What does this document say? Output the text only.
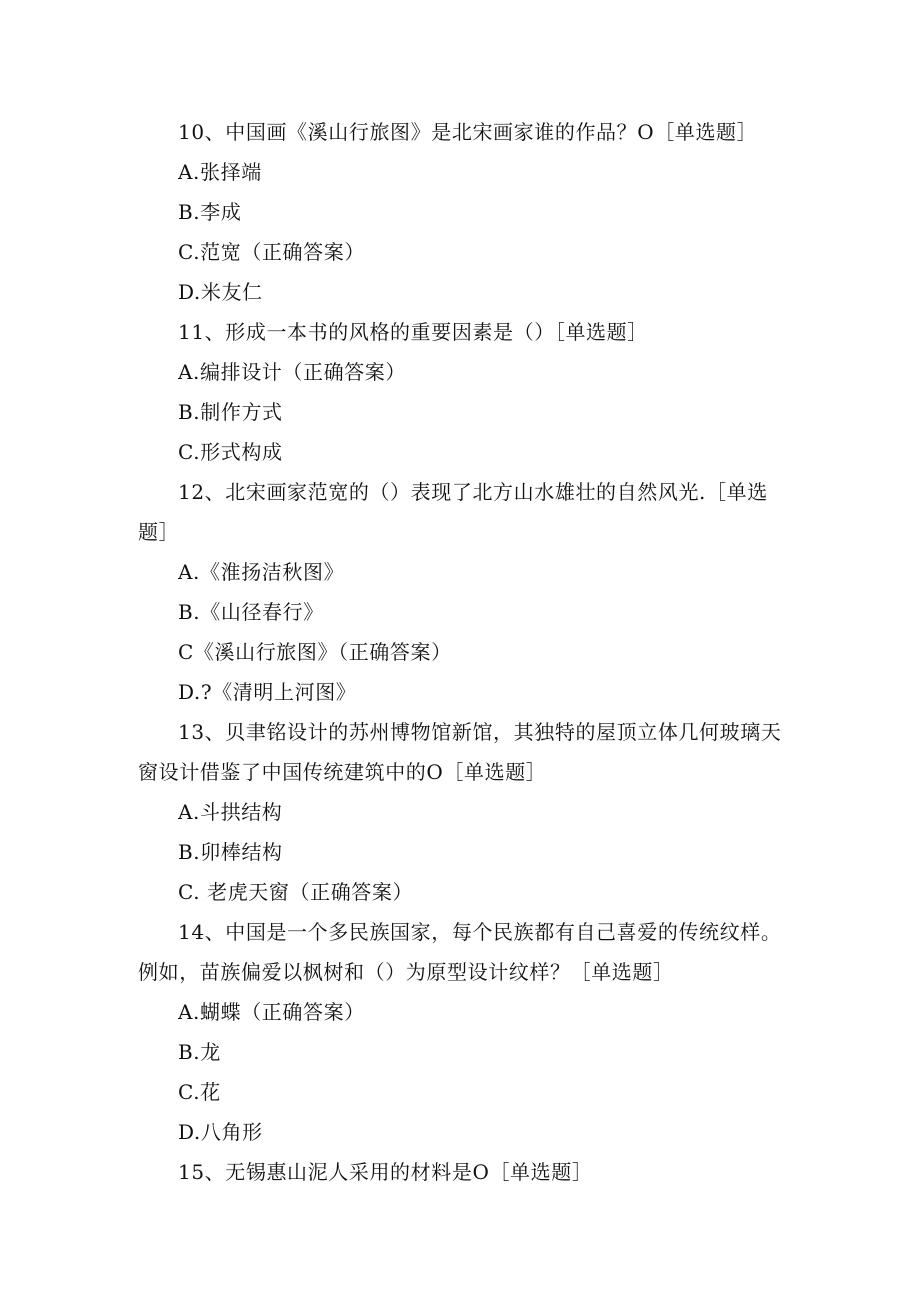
10、中国画《溪山行旅图》是北宋画家谁的作品？O［单选题］

A.张择端

B.李成

C.范宽（正确答案）

D.米友仁

11、形成一本书的风格的重要因素是（）［单选题］

A.编排设计（正确答案）

B.制作方式

C.形式构成

12、北宋画家范宽的（）表现了北方山水雄壮的自然风光.［单选题］

A.《淮扬洁秋图》

B.《山径春行》

C《溪山行旅图》（正确答案）

D.?《清明上河图》

13、贝聿铭设计的苏州博物馆新馆，其独特的屋顶立体几何玻璃天窗设计借鉴了中国传统建筑中的O［单选题］

A.斗拱结构

B.卯棒结构

C. 老虎天窗（正确答案）

14、中国是一个多民族国家，每个民族都有自己喜爱的传统纹样。例如，苗族偏爱以枫树和（）为原型设计纹样？［单选题］

A.蝴蝶（正确答案）

B.龙

C.花

D.八角形

15、无锡惠山泥人采用的材料是O［单选题］
